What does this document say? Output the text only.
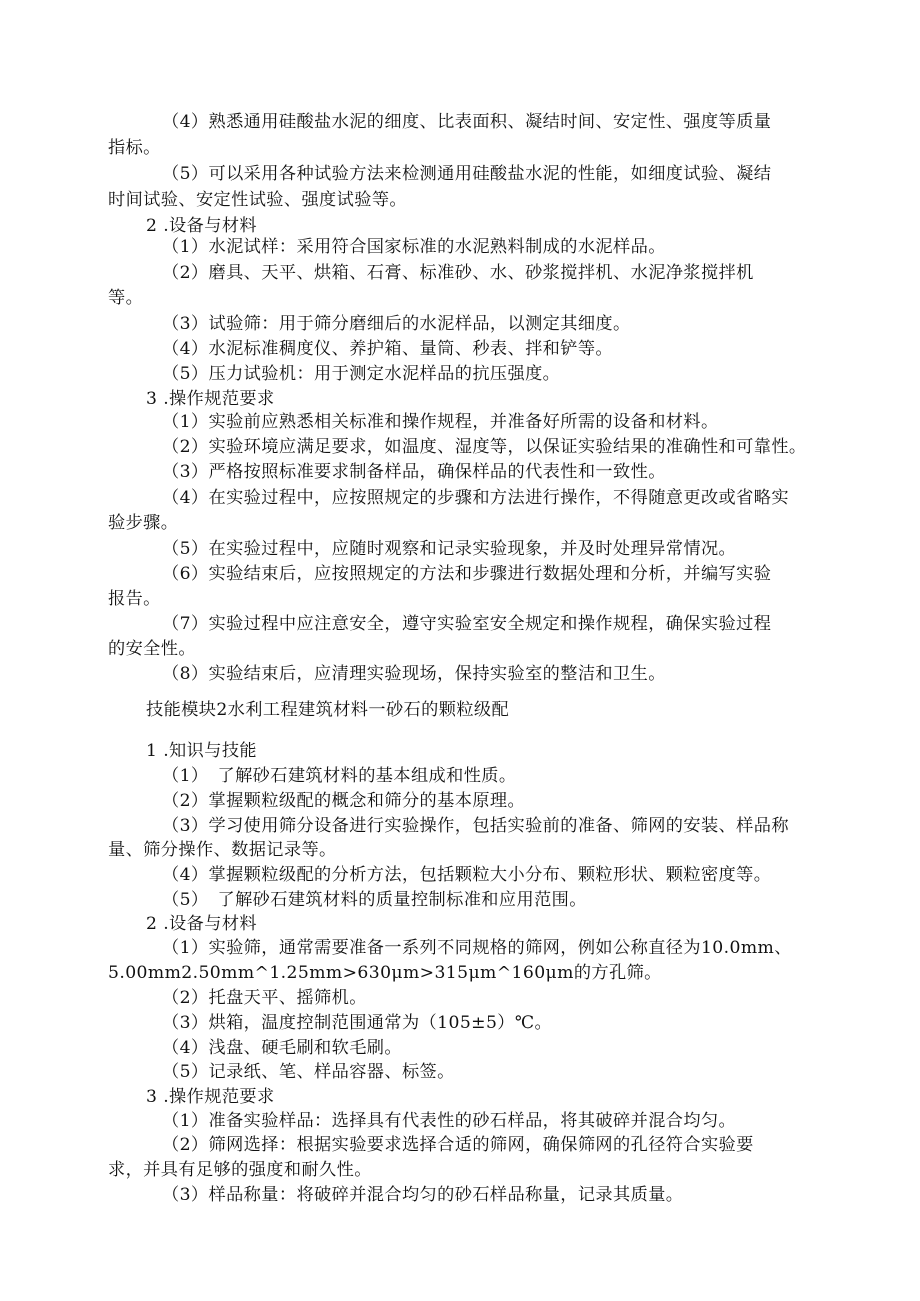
（4）熟悉通用硅酸盐水泥的细度、比表面积、凝结时间、安定性、强度等质量
指标。
（5）可以采用各种试验方法来检测通用硅酸盐水泥的性能，如细度试验、凝结
时间试验、安定性试验、强度试验等。
2 .设备与材料
（1）水泥试样：采用符合国家标准的水泥熟料制成的水泥样品。
（2）磨具、天平、烘箱、石膏、标准砂、水、砂浆搅拌机、水泥净浆搅拌机
等。
（3）试验筛：用于筛分磨细后的水泥样品，以测定其细度。
（4）水泥标准稠度仪、养护箱、量筒、秒表、拌和铲等。
（5）压力试验机：用于测定水泥样品的抗压强度。
3 .操作规范要求
（1）实验前应熟悉相关标准和操作规程，并准备好所需的设备和材料。
（2）实验环境应满足要求，如温度、湿度等，以保证实验结果的准确性和可靠性。
（3）严格按照标准要求制备样品，确保样品的代表性和一致性。
（4）在实验过程中，应按照规定的步骤和方法进行操作，不得随意更改或省略实
验步骤。
（5）在实验过程中，应随时观察和记录实验现象，并及时处理异常情况。
（6）实验结束后，应按照规定的方法和步骤进行数据处理和分析，并编写实验
报告。
（7）实验过程中应注意安全，遵守实验室安全规定和操作规程，确保实验过程
的安全性。
（8）实验结束后，应清理实验现场，保持实验室的整洁和卫生。
技能模块2水利工程建筑材料一砂石的颗粒级配
1 .知识与技能
（1）　了解砂石建筑材料的基本组成和性质。
（2）掌握颗粒级配的概念和筛分的基本原理。
（3）学习使用筛分设备进行实验操作，包括实验前的准备、筛网的安装、样品称
量、筛分操作、数据记录等。
（4）掌握颗粒级配的分析方法，包括颗粒大小分布、颗粒形状、颗粒密度等。
（5）　了解砂石建筑材料的质量控制标准和应用范围。
2 .设备与材料
（1）实验筛，通常需要准备一系列不同规格的筛网，例如公称直径为10.0mm、
5.00mm2.50mm^1.25mm>630μm>315μm^160μm的方孔筛。
（2）托盘天平、摇筛机。
（3）烘箱，温度控制范围通常为（105±5）℃。
（4）浅盘、硬毛刷和软毛刷。
（5）记录纸、笔、样品容器、标签。
3 .操作规范要求
（1）准备实验样品：选择具有代表性的砂石样品，将其破碎并混合均匀。
（2）筛网选择：根据实验要求选择合适的筛网，确保筛网的孔径符合实验要
求，并具有足够的强度和耐久性。
（3）样品称量：将破碎并混合均匀的砂石样品称量，记录其质量。
